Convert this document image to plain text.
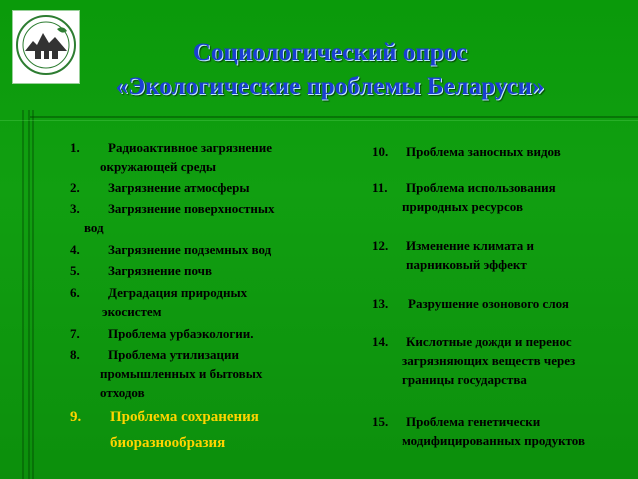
Социологический опрос
«Экологические проблемы Беларуси»
1. Радиоактивное загрязнение
окружающей среды
2. Загрязнение атмосферы
3. Загрязнение поверхностных
вод
4. Загрязнение подземных вод
5. Загрязнение почв
6. Деградация природных
экосистем
7. Проблема урбаэкологии.
8. Проблема утилизации
промышленных и бытовых
отходов
9. Проблема сохранения
биоразнообразия
10. Проблема заносных видов
11. Проблема использования
природных ресурсов
12. Изменение климата и
парниковый эффект
13. Разрушение озонового слоя
14. Кислотные дожди и перенос
загрязняющих веществ через
границы государства
15. Проблема генетически
модифицированных продуктов
